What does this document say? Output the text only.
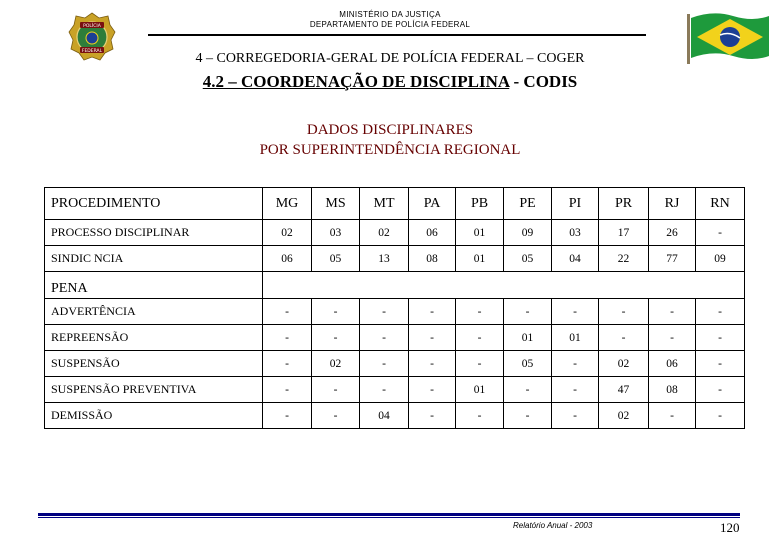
MINISTÉRIO DA JUSTIÇA
DEPARTAMENTO DE POLÍCIA FEDERAL
POLÍCIA
FEDERAL	4 – CORREGEDORIA-GERAL DE POLÍCIA FEDERAL – COGER
4.2 – COORDENAÇÃO DE DISCIPLINA - CODIS
DADOS DISCIPLINARES
POR SUPERINTENDÊNCIA REGIONAL
PROCEDIMENTO	MG	MS	MT	PA	PB	PE	PI	PR	RJ	RN
PROCESSO DISCIPLINAR	02	03	02	06	01	09	03	17	26	-
SINDIC NCIA	06	05	13	08	01	05	04	22	77	09
PENA										
ADVERTÊNCIA	-	-	-	-	-	-	-	-	-	-
REPREENSÃO	-	-	-	-	-	01	01	-	-	-
SUSPENSÃO	-	02	-	-	-	05	-	02	06	-
SUSPENSÃO PREVENTIVA	-	-	-	-	01	-	-	47	08	-
DEMISSÃO	-	-	04	-	-	-	-	02	-	-
Relatório Anual - 2003	120
